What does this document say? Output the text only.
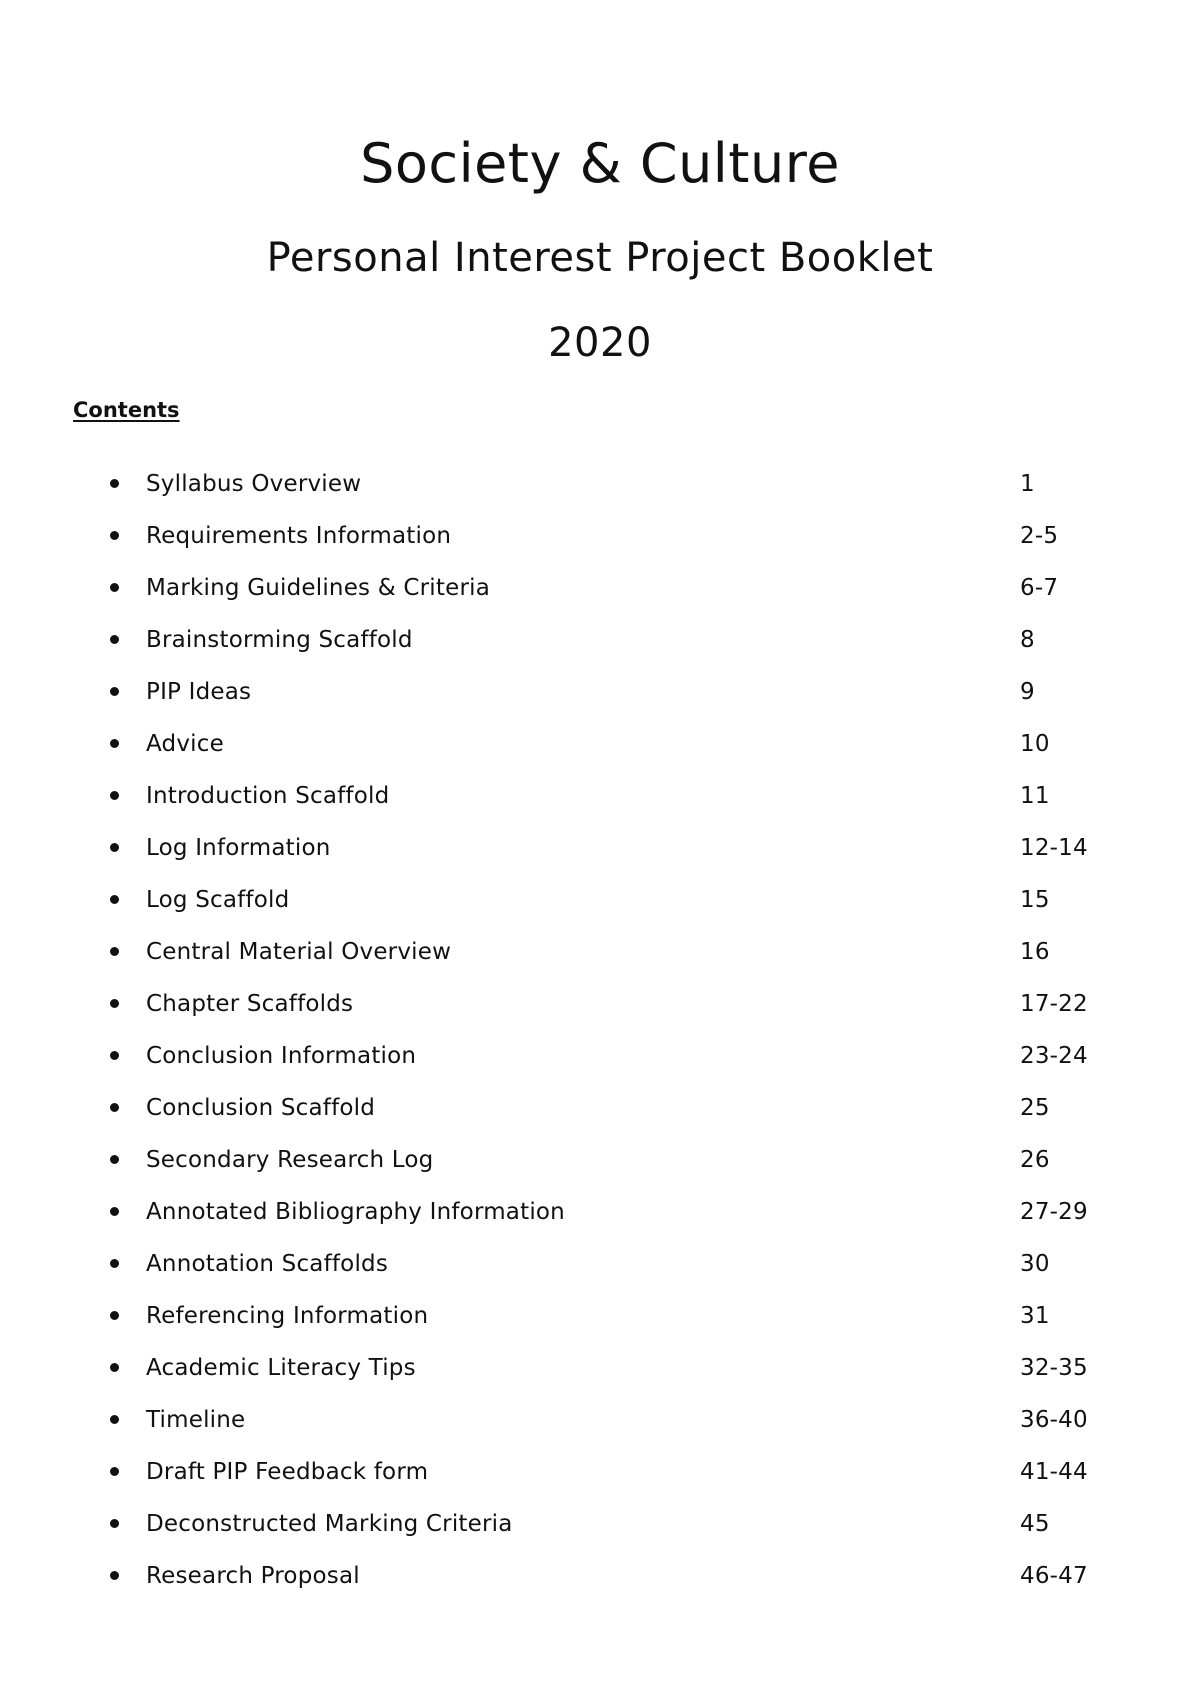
Society & Culture
Personal Interest Project Booklet
2020
Contents
Syllabus Overview	1
Requirements Information	2-5
Marking Guidelines & Criteria	6-7
Brainstorming Scaffold	8
PIP Ideas	9
Advice	10
Introduction Scaffold	11
Log Information	12-14
Log Scaffold	15
Central Material Overview	16
Chapter Scaffolds	17-22
Conclusion Information	23-24
Conclusion Scaffold	25
Secondary Research Log	26
Annotated Bibliography Information	27-29
Annotation Scaffolds	30
Referencing Information	31
Academic Literacy Tips	32-35
Timeline	36-40
Draft PIP Feedback form	41-44
Deconstructed Marking Criteria	45
Research Proposal	46-47
